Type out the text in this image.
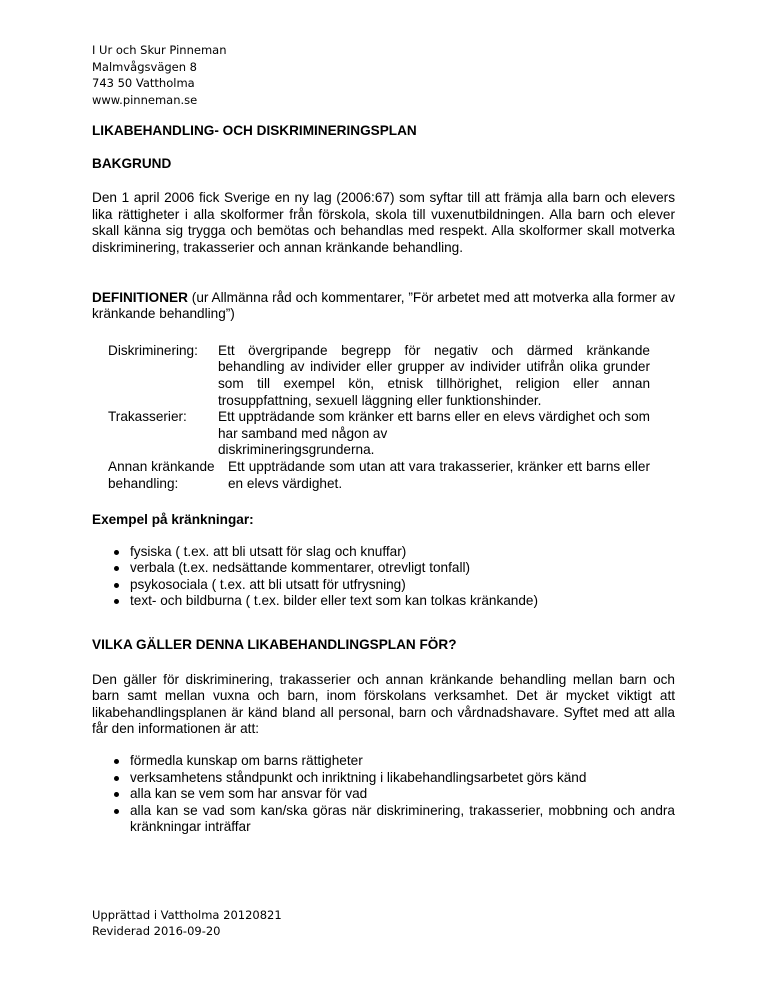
I Ur och Skur Pinneman
Malmvågsvägen 8
743 50 Vattholma
www.pinneman.se

LIKABEHANDLING- OCH DISKRIMINERINGSPLAN

BAKGRUND

Den 1 april 2006 fick Sverige en ny lag (2006:67) som syftar till att främja alla barn och elevers lika rättigheter i alla skolformer från förskola, skola till vuxenutbildningen. Alla barn och elever skall känna sig trygga och bemötas och behandlas med respekt. Alla skolformer skall motverka diskriminering, trakasserier och annan kränkande behandling.

DEFINITIONER (ur Allmänna råd och kommentarer, ”För arbetet med att motverka alla former av kränkande behandling”)

Diskriminering:	Ett övergripande begrepp för negativ och därmed kränkande behandling av individer eller grupper av individer utifrån olika grunder som till exempel kön, etnisk tillhörighet, religion eller annan trosuppfattning, sexuell läggning eller funktionshinder.
Trakasserier:	Ett uppträdande som kränker ett barns eller en elevs värdighet och som har samband med någon av
diskrimineringsgrunderna.
Annan kränkande behandling:
Ett uppträdande som utan att vara trakasserier, kränker ett barns eller en elevs värdighet.

Exempel på kränkningar:

fysiska ( t.ex. att bli utsatt för slag och knuffar)
verbala (t.ex. nedsättande kommentarer, otrevligt tonfall)
psykosociala ( t.ex. att bli utsatt för utfrysning)
text- och bildburna ( t.ex. bilder eller text som kan tolkas kränkande)

VILKA GÄLLER DENNA LIKABEHANDLINGSPLAN FÖR?

Den gäller för diskriminering, trakasserier och annan kränkande behandling mellan barn och barn samt mellan vuxna och barn, inom förskolans verksamhet. Det är mycket viktigt att likabehandlingsplanen är känd bland all personal, barn och vårdnadshavare. Syftet med att alla får den informationen är att:

förmedla kunskap om barns rättigheter
verksamhetens ståndpunkt och inriktning i likabehandlingsarbetet görs känd
alla kan se vem som har ansvar för vad
alla kan se vad som kan/ska göras när diskriminering, trakasserier, mobbning och andra kränkningar inträffar
Upprättad i Vattholma 20120821
Reviderad 2016-09-20
